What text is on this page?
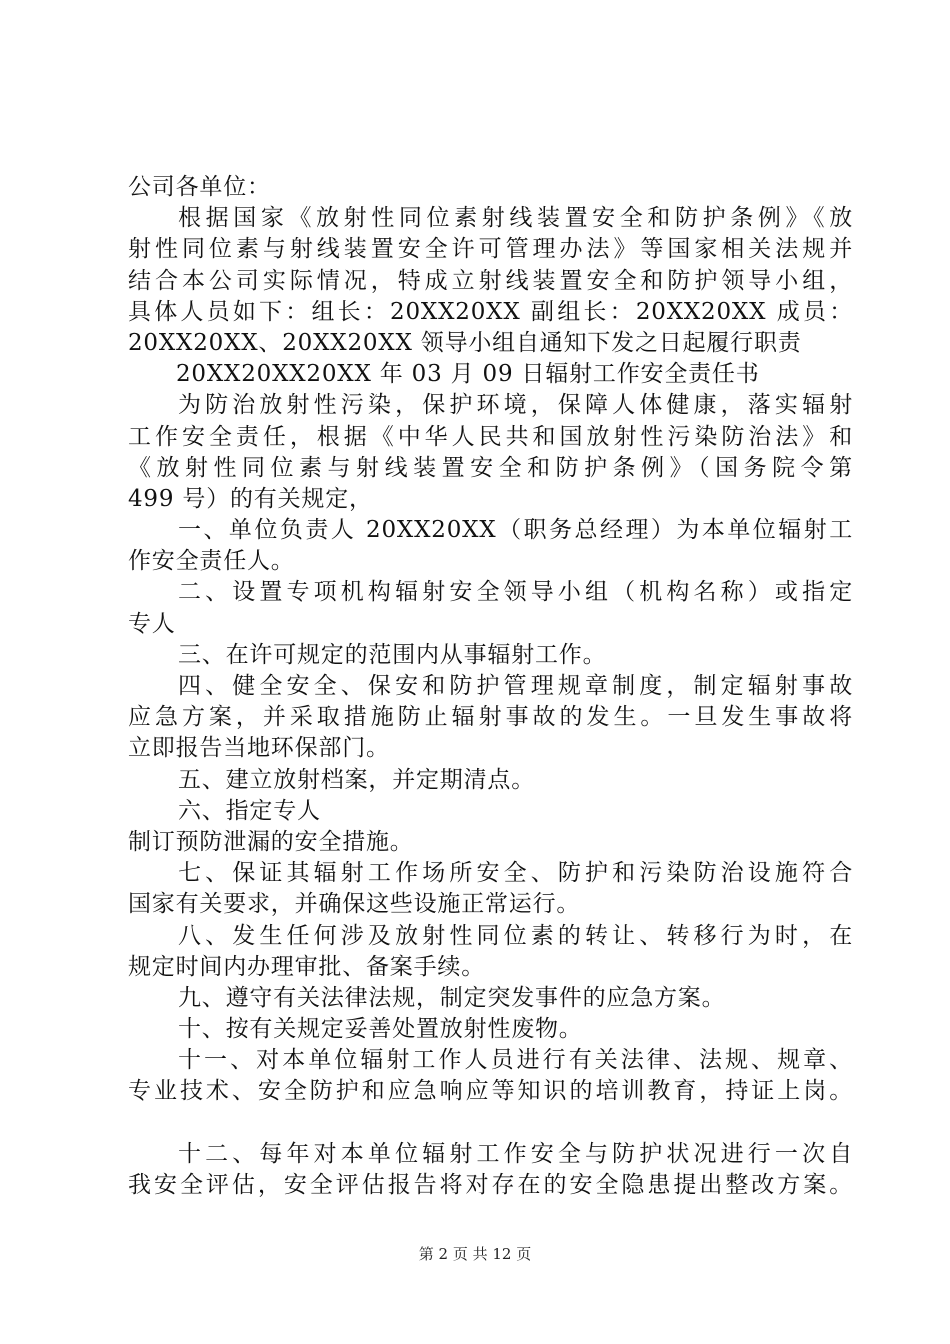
公司各单位：
根据国家《放射性同位素射线装置安全和防护条例》《放
射性同位素与射线装置安全许可管理办法》等国家相关法规并
结合本公司实际情况，特成立射线装置安全和防护领导小组，
具体人员如下：组长：20XX20XX 副组长：20XX20XX 成员：
20XX20XX、20XX20XX 领导小组自通知下发之日起履行职责
20XX20XX20XX 年 03 月 09 日辐射工作安全责任书
为防治放射性污染，保护环境，保障人体健康，落实辐射
工作安全责任，根据《中华人民共和国放射性污染防治法》和
《放射性同位素与射线装置安全和防护条例》（国务院令第
499 号）的有关规定，
一、单位负责人 20XX20XX（职务总经理）为本单位辐射工
作安全责任人。
二、设置专项机构辐射安全领导小组（机构名称）或指定
专人
三、在许可规定的范围内从事辐射工作。
四、健全安全、保安和防护管理规章制度，制定辐射事故
应急方案，并采取措施防止辐射事故的发生。一旦发生事故将
立即报告当地环保部门。
五、建立放射档案，并定期清点。
六、指定专人
制订预防泄漏的安全措施。
七、保证其辐射工作场所安全、防护和污染防治设施符合
国家有关要求，并确保这些设施正常运行。
八、发生任何涉及放射性同位素的转让、转移行为时，在
规定时间内办理审批、备案手续。
九、遵守有关法律法规，制定突发事件的应急方案。
十、按有关规定妥善处置放射性废物。
十一、对本单位辐射工作人员进行有关法律、法规、规章、
专业技术、安全防护和应急响应等知识的培训教育，持证上岗。
十二、每年对本单位辐射工作安全与防护状况进行一次自
我安全评估，安全评估报告将对存在的安全隐患提出整改方案。
第 2 页 共 12 页
